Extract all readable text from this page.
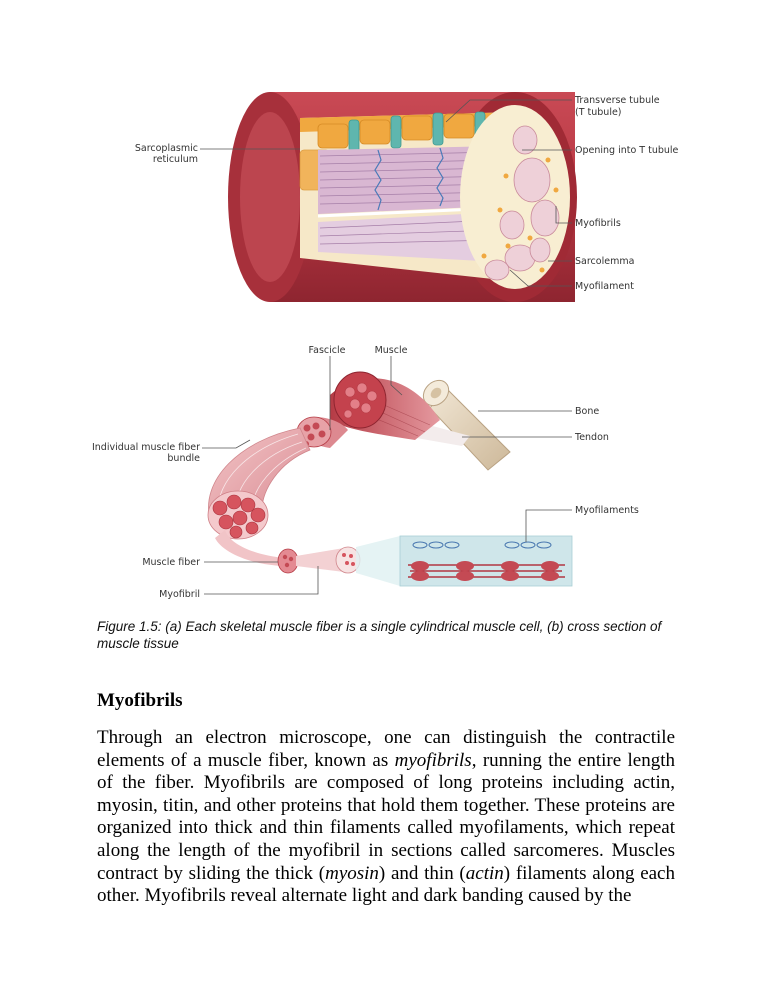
Transverse tubule
(T tubule)
Opening into T tubule
Sarcoplasmic
reticulum
Myofibrils
Sarcolemma
Myofilament
Fascicle	Muscle
Bone
Tendon
Individual muscle fiber
bundle
Myofilaments
Muscle fiber
Myofibril

Figure 1.5: (a) Each skeletal muscle fiber is a single cylindrical muscle cell, (b) cross section of muscle tissue

Myofibrils

Through an electron microscope, one can distinguish the contractile elements of a muscle fiber, known as myofibrils, running the entire length of the fiber. Myofibrils are composed of long proteins including actin, myosin, titin, and other proteins that hold them together. These proteins are organized into thick and thin filaments called myofilaments, which repeat along the length of the myofibril in sections called sarcomeres. Muscles contract by sliding the thick (myosin) and thin (actin) filaments along each other. Myofibrils reveal alternate light and dark banding caused by the
